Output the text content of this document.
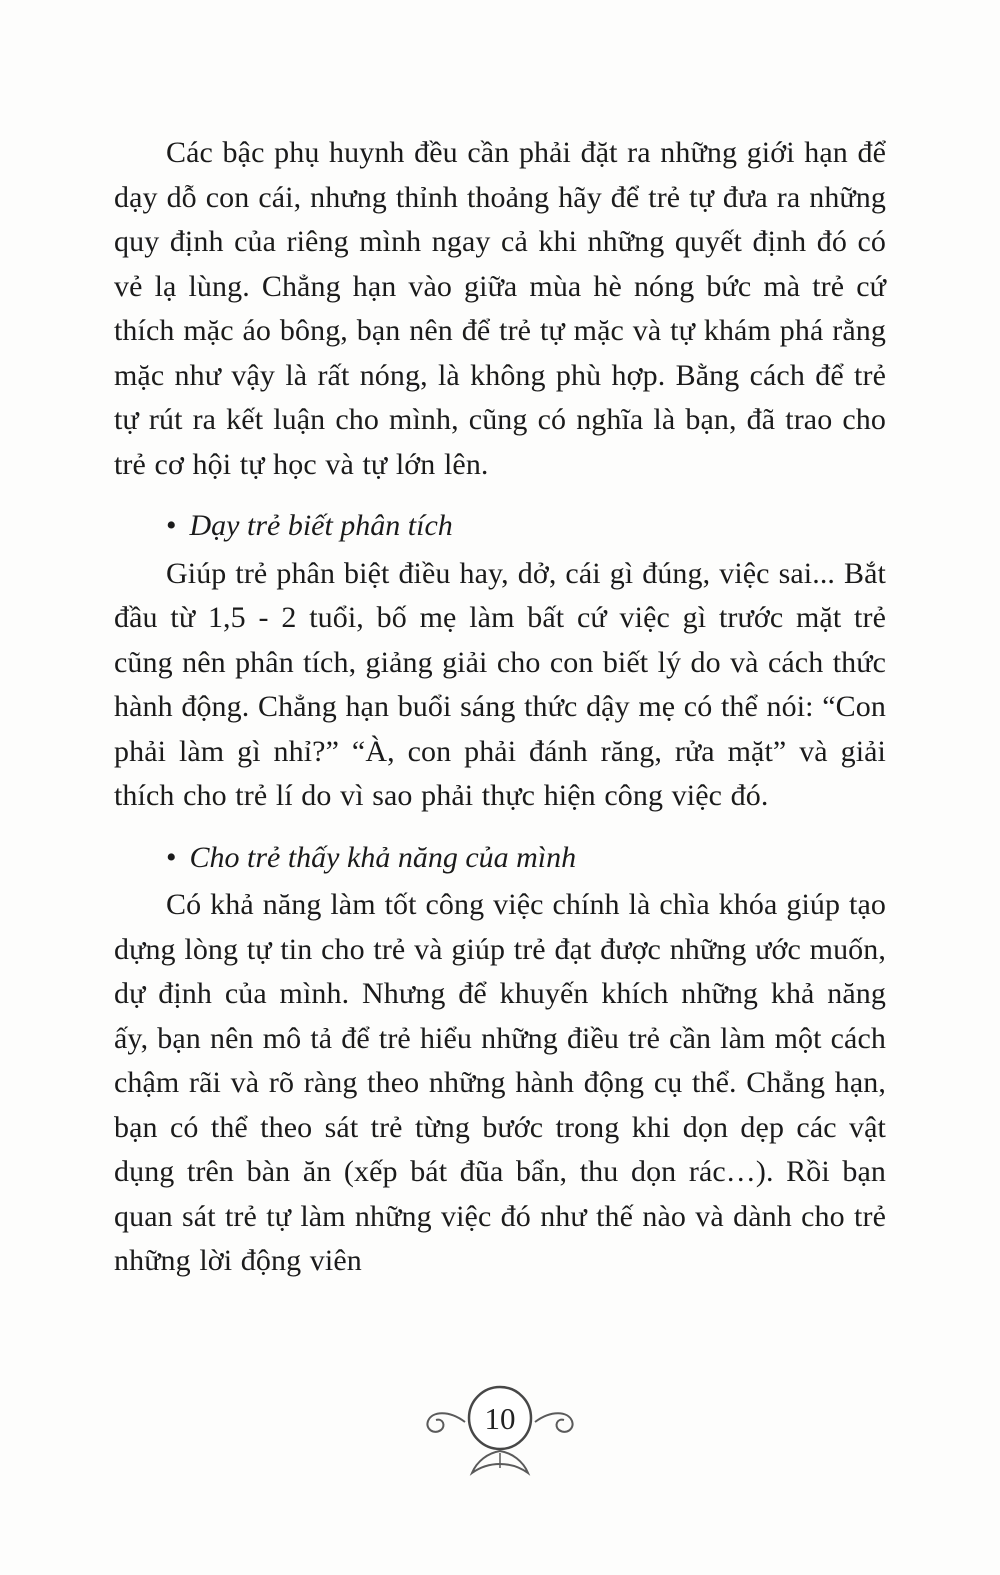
Các bậc phụ huynh đều cần phải đặt ra những giới hạn để dạy dỗ con cái, nhưng thỉnh thoảng hãy để trẻ tự đưa ra những quy định của riêng mình ngay cả khi những quyết định đó có vẻ lạ lùng. Chẳng hạn vào giữa mùa hè nóng bức mà trẻ cứ thích mặc áo bông, bạn nên để trẻ tự mặc và tự khám phá rằng mặc như vậy là rất nóng, là không phù hợp. Bằng cách để trẻ tự rút ra kết luận cho mình, cũng có nghĩa là bạn, đã trao cho trẻ cơ hội tự học và tự lớn lên.

• Dạy trẻ biết phân tích

Giúp trẻ phân biệt điều hay, dở, cái gì đúng, việc sai... Bắt đầu từ 1,5 - 2 tuổi, bố mẹ làm bất cứ việc gì trước mặt trẻ cũng nên phân tích, giảng giải cho con biết lý do và cách thức hành động. Chẳng hạn buổi sáng thức dậy mẹ có thể nói: “Con phải làm gì nhỉ?” “À, con phải đánh răng, rửa mặt” và giải thích cho trẻ lí do vì sao phải thực hiện công việc đó.

• Cho trẻ thấy khả năng của mình

Có khả năng làm tốt công việc chính là chìa khóa giúp tạo dựng lòng tự tin cho trẻ và giúp trẻ đạt được những ước muốn, dự định của mình. Nhưng để khuyến khích những khả năng ấy, bạn nên mô tả để trẻ hiểu những điều trẻ cần làm một cách chậm rãi và rõ ràng theo những hành động cụ thể. Chẳng hạn, bạn có thể theo sát trẻ từng bước trong khi dọn dẹp các vật dụng trên bàn ăn (xếp bát đũa bẩn, thu dọn rác…). Rồi bạn quan sát trẻ tự làm những việc đó như thế nào và dành cho trẻ những lời động viên

10
